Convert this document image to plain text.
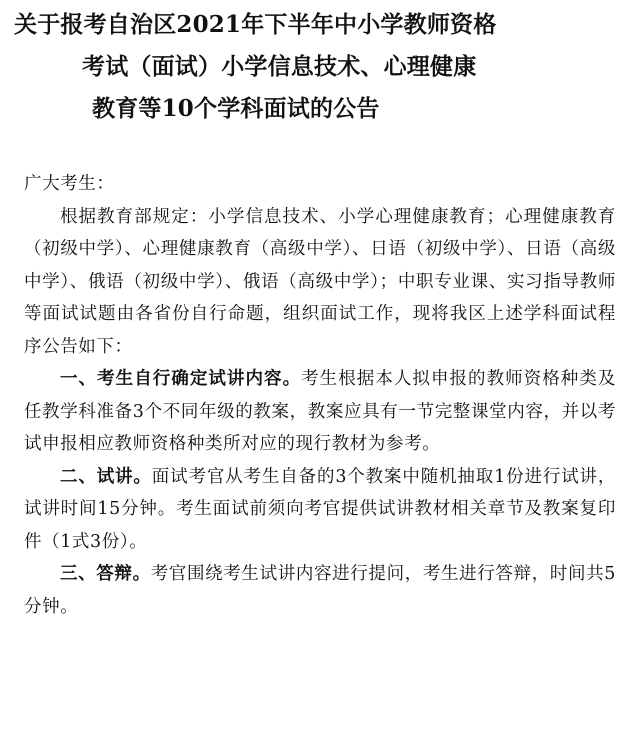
关于报考自治区2021年下半年中小学教师资格
考试（面试）小学信息技术、心理健康
教育等10个学科面试的公告

广大考生：

根据教育部规定：小学信息技术、小学心理健康教育；心理健康教育（初级中学）、心理健康教育（高级中学）、日语（初级中学）、日语（高级中学）、俄语（初级中学）、俄语（高级中学）；中职专业课、实习指导教师等面试试题由各省份自行命题，组织面试工作，现将我区上述学科面试程序公告如下：

一、考生自行确定试讲内容。考生根据本人拟申报的教师资格种类及任教学科准备3个不同年级的教案，教案应具有一节完整课堂内容，并以考试申报相应教师资格种类所对应的现行教材为参考。

二、试讲。面试考官从考生自备的3个教案中随机抽取1份进行试讲，试讲时间15分钟。考生面试前须向考官提供试讲教材相关章节及教案复印件（1式3份）。

三、答辩。考官围绕考生试讲内容进行提问，考生进行答辩，时间共5分钟。
